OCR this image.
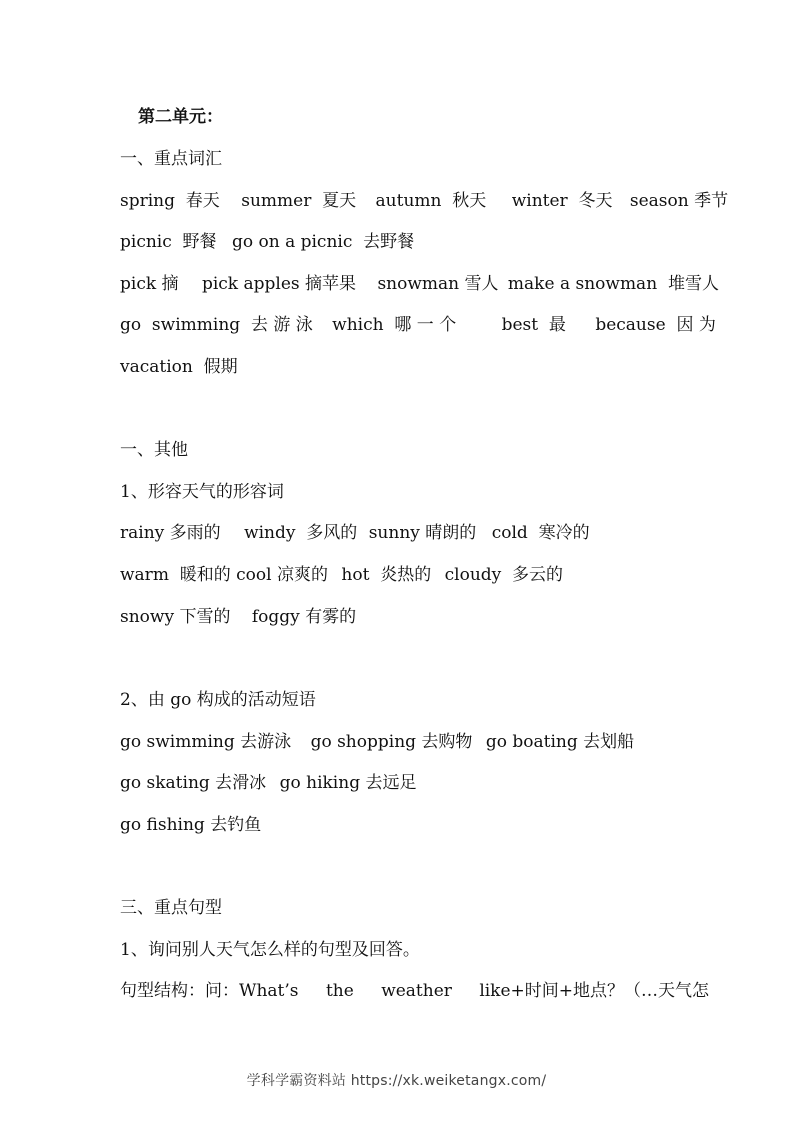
第二单元：
一、重点词汇
spring  春天 summer  夏天 autumn  秋天 winter  冬天 season 季节
picnic  野餐 go on a picnic  去野餐
pick 摘 pick apples 摘苹果 snowman 雪人 make a snowman  堆雪人
go  swimming  去 游 泳 which  哪 一 个	best  最 because  因 为
vacation  假期
一、其他
1、形容天气的形容词
rainy 多雨的 windy  多风的 sunny 晴朗的 cold  寒冷的
warm  暖和的 cool 凉爽的 hot  炎热的 cloudy  多云的
snowy 下雪的 foggy 有雾的
2、由 go 构成的活动短语
go swimming 去游泳 go shopping 去购物 go boating 去划船
go skating 去滑冰 go hiking 去远足
go fishing 去钓鱼
三、重点句型
1、询问别人天气怎么样的句型及回答。
句型结构：问：What’s the weather like+时间+地点？（…天气怎
学科学霸资料站 https://xk.weiketangx.com/
